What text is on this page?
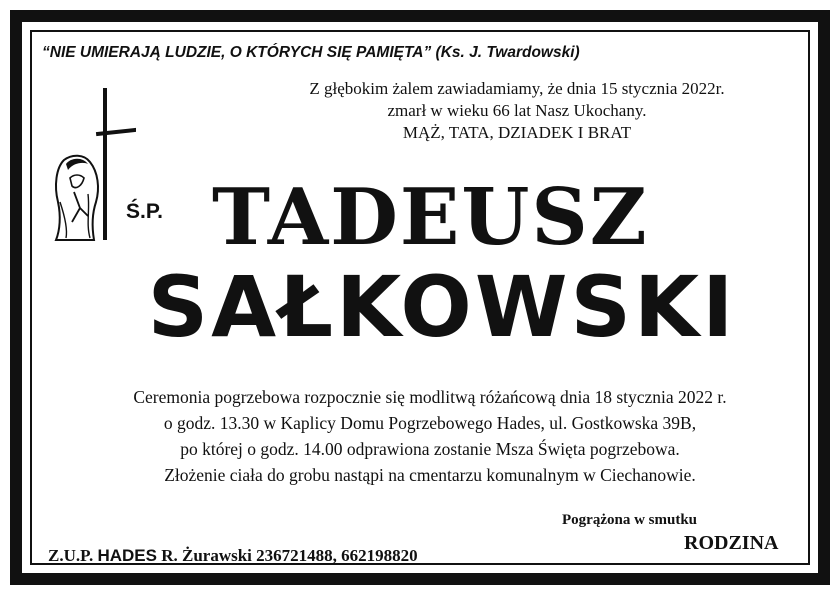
“NIE UMIERAJĄ LUDZIE, O KTÓRYCH SIĘ PAMIĘTA” (Ks. J. Twardowski)
Z głębokim żalem zawiadamiamy, że dnia 15 stycznia 2022r.
zmarł w wieku 66 lat Nasz Ukochany.
MĄŻ, TATA, DZIADEK I BRAT
Ś.P. TADEUSZ
SAŁKOWSKI
Ceremonia pogrzebowa rozpocznie się modlitwą różańcową dnia 18 stycznia 2022 r.
o godz. 13.30 w Kaplicy Domu Pogrzebowego Hades, ul. Gostkowska 39B,
po której o godz. 14.00 odprawiona zostanie Msza Święta pogrzebowa.
Złożenie ciała do grobu nastąpi na cmentarzu komunalnym w Ciechanowie.
Pogrążona w smutku
RODZINA
Z.U.P. HADES R. Żurawski 236721488, 662198820
